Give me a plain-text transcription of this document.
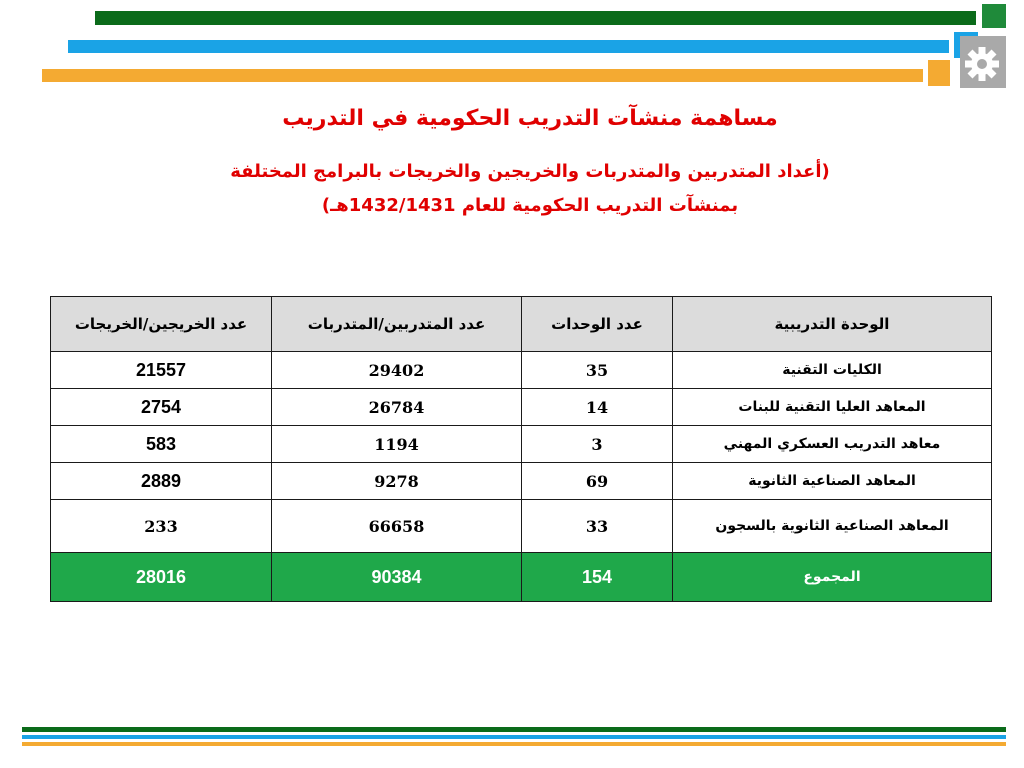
مساهمة منشآت التدريب الحكومية في التدريب
(أعداد المتدربين والمتدربات والخريجين والخريجات بالبرامج المختلفة
بمنشآت التدريب الحكومية للعام 1432/1431هـ)
الوحدة التدريبية	عدد الوحدات	عدد المتدربين/المتدربات	عدد الخريجين/الخريجات
الكليات التقنية	35	29402	21557
المعاهد العليا التقنية للبنات	14	26784	2754
معاهد التدريب العسكري المهني	3	1194	583
المعاهد الصناعية الثانوية	69	9278	2889
المعاهد الصناعية الثانوية بالسجون	33	66658	233
المجموع	154	90384	28016
